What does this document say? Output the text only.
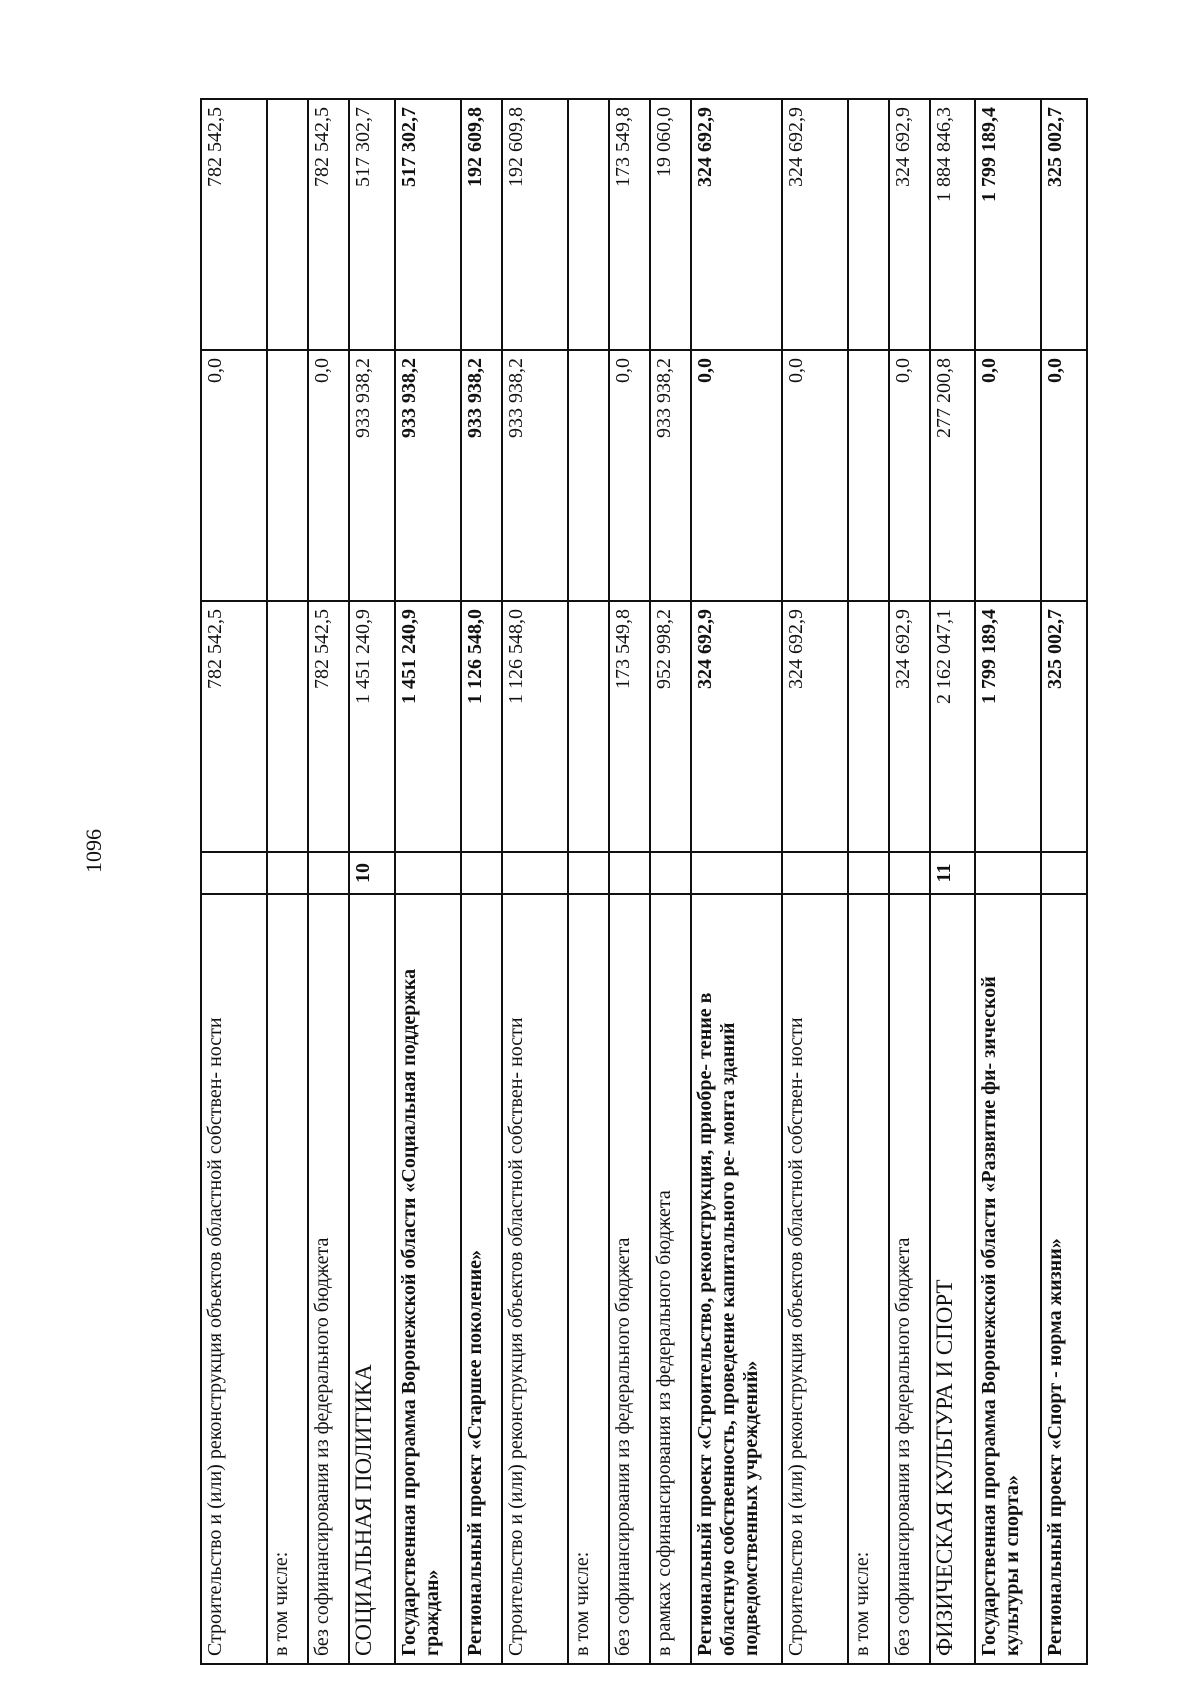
1096
Строительство и (или) реконструкция объектов областной собствен- ности		782 542,5	0,0	782 542,5
в том числе:				
без софинансирования из федерального бюджета		782 542,5	0,0	782 542,5
СОЦИАЛЬНАЯ ПОЛИТИКА	10	1 451 240,9	933 938,2	517 302,7
Государственная программа Воронежской области «Социальная поддержка граждан»		1 451 240,9	933 938,2	517 302,7
Региональный проект «Старшее поколение»		1 126 548,0	933 938,2	192 609,8
Строительство и (или) реконструкция объектов областной собствен- ности		1 126 548,0	933 938,2	192 609,8
в том числе:				
без софинансирования из федерального бюджета		173 549,8	0,0	173 549,8
в рамках софинансирования из федерального бюджета		952 998,2	933 938,2	19 060,0
Региональный проект «Строительство, реконструкция, приобре- тение в областную собственность, проведение капитального ре- монта зданий подведомственных учреждений»		324 692,9	0,0	324 692,9
Строительство и (или) реконструкция объектов областной собствен- ности		324 692,9	0,0	324 692,9
в том числе:				
без софинансирования из федерального бюджета		324 692,9	0,0	324 692,9
ФИЗИЧЕСКАЯ КУЛЬТУРА И СПОРТ	11	2 162 047,1	277 200,8	1 884 846,3
Государственная программа Воронежской области «Развитие фи- зической культуры и спорта»		1 799 189,4	0,0	1 799 189,4
Региональный проект «Спорт - норма жизни»		325 002,7	0,0	325 002,7
